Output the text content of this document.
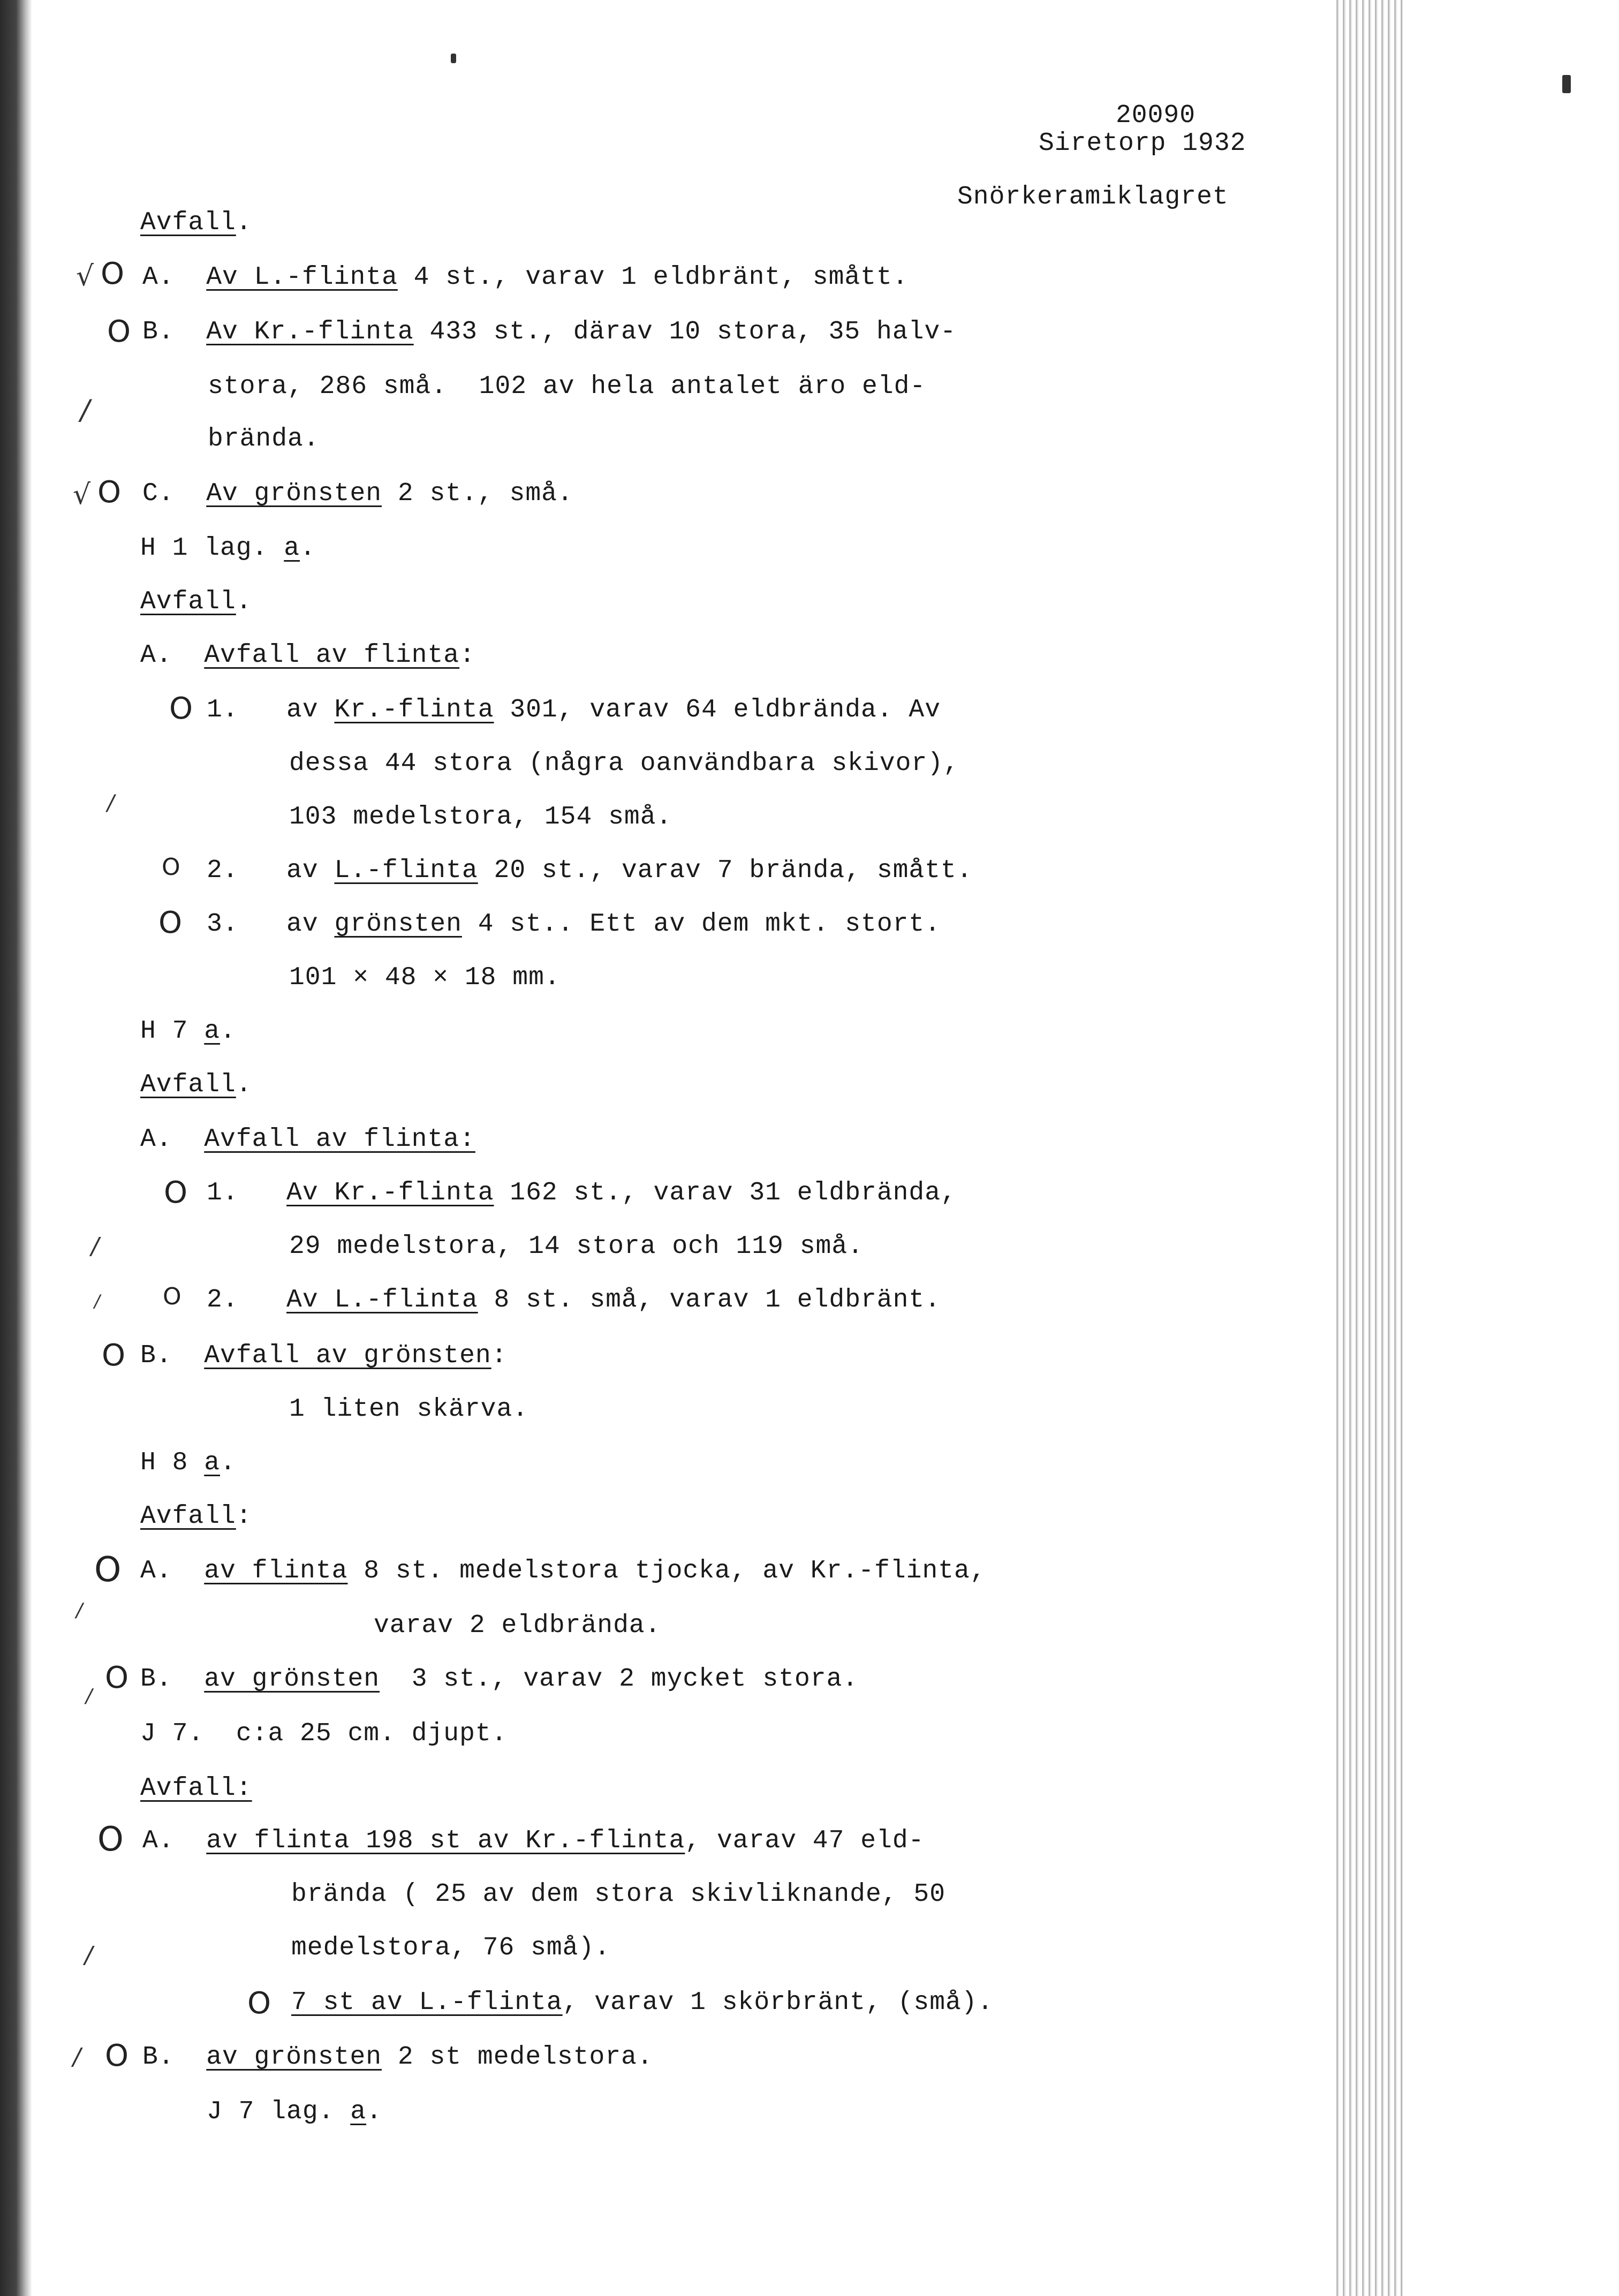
20090
Siretorp 1932
Snörkeramiklagret
Avfall.
√ O A. Av L.-flinta 4 st., varav 1 eldbränt, smått.
O B. Av Kr.-flinta 433 st., därav 10 stora, 35 halv-
stora, 286 små.  102 av hela antalet äro eld-
/
brända.
√ O C. Av grönsten 2 st., små.
H 1 lag. a.
Avfall.
A. Avfall av flinta:
O 1. av Kr.-flinta 301, varav 64 eldbrända. Av
dessa 44 stora (några oanvändbara skivor),
/	103 medelstora, 154 små.
O 2. av L.-flinta 20 st., varav 7 brända, smått.
O 3. av grönsten 4 st.. Ett av dem mkt. stort.
101 × 48 × 18 mm.
H 7 a.
Avfall.
A. Avfall av flinta:
O 1. Av Kr.-flinta 162 st., varav 31 eldbrända,
/	29 medelstora, 14 stora och 119 små.
/	O 2. Av L.-flinta 8 st. små, varav 1 eldbränt.
O B. Avfall av grönsten:
1 liten skärva.
H 8 a.
Avfall:
O A. av flinta 8 st. medelstora tjocka, av Kr.-flinta,
/
varav 2 eldbrända.
/
O B. av grönsten  3 st., varav 2 mycket stora.
J 7.  c:a 25 cm. djupt.
Avfall:
O A. av flinta 198 st av Kr.-flinta, varav 47 eld-
brända ( 25 av dem stora skivliknande, 50
/	medelstora, 76 små).
O 7 st av L.-flinta, varav 1 skörbränt, (små).
/ O B. av grönsten 2 st medelstora.
J 7 lag. a.
